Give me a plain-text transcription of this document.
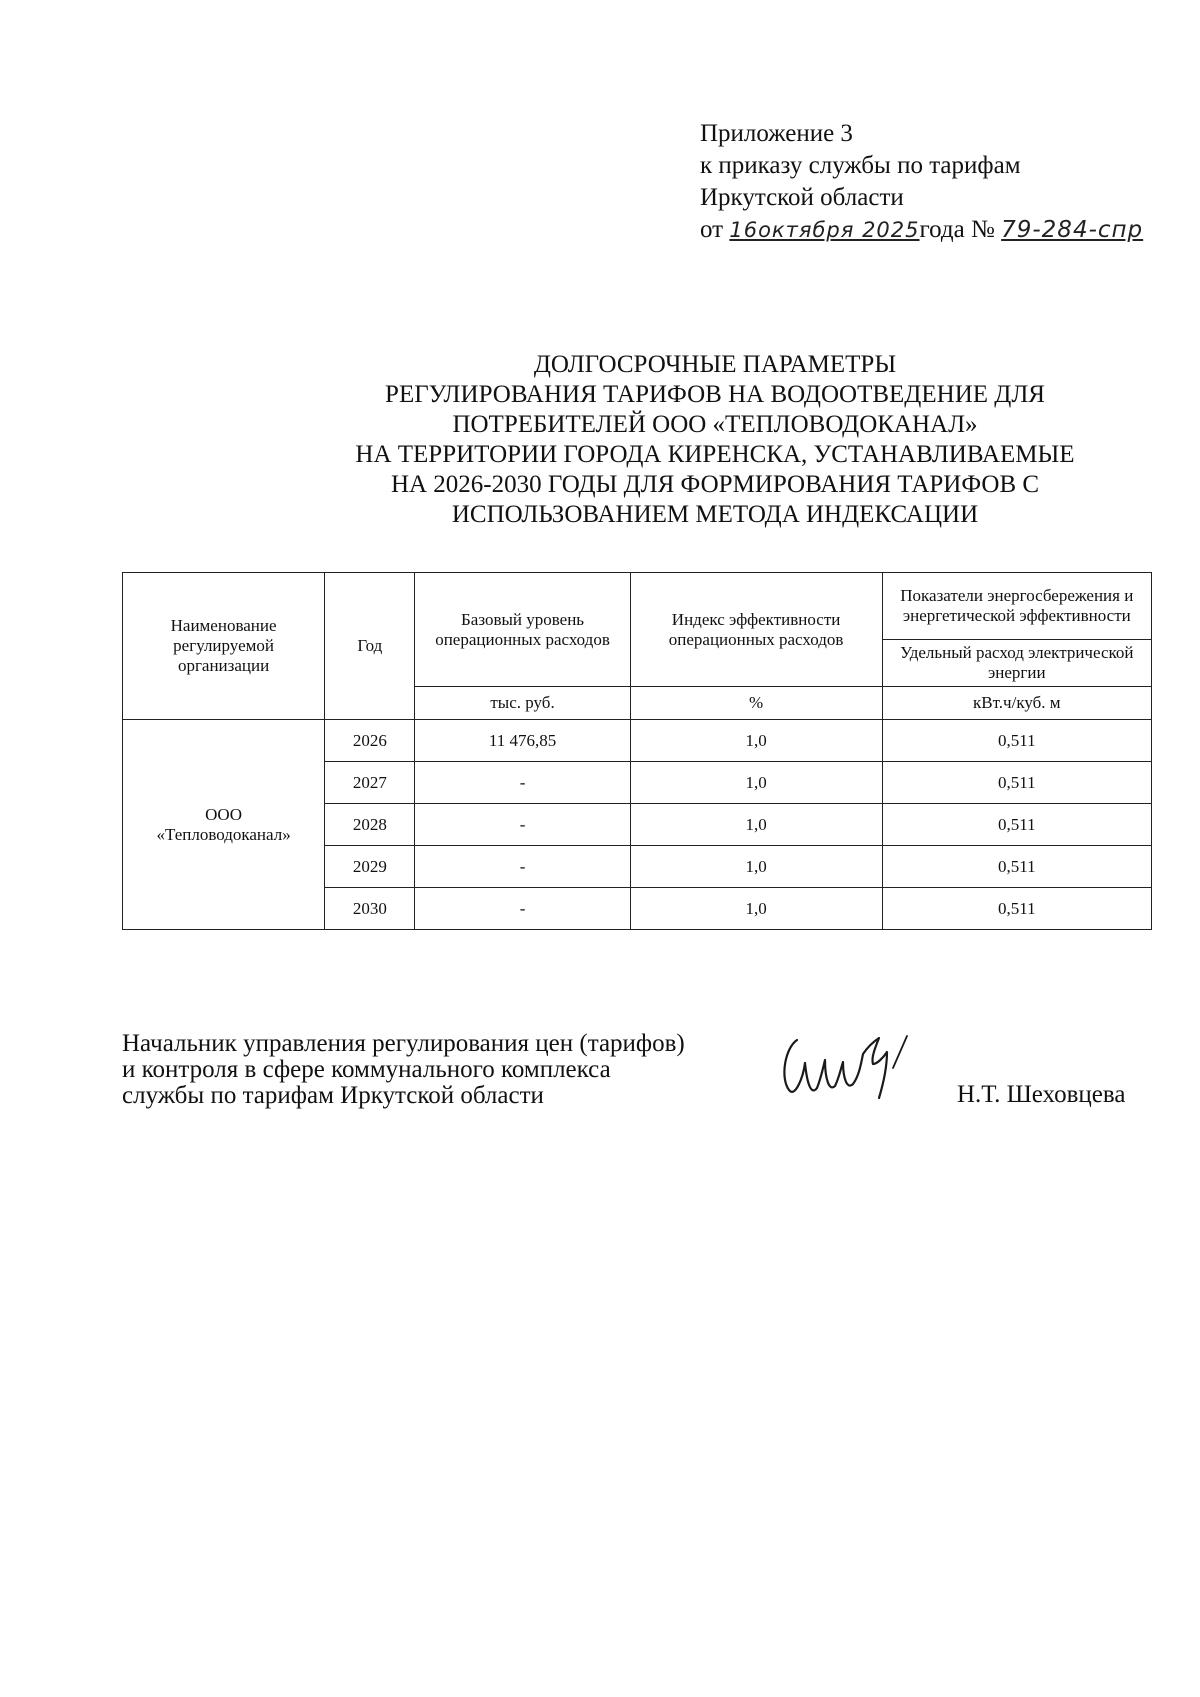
Приложение 3
к приказу службы по тарифам
Иркутской области
от 16октября 2025года № 79-284-спр
ДОЛГОСРОЧНЫЕ ПАРАМЕТРЫ
РЕГУЛИРОВАНИЯ ТАРИФОВ НА ВОДООТВЕДЕНИЕ ДЛЯ
ПОТРЕБИТЕЛЕЙ ООО «ТЕПЛОВОДОКАНАЛ»
НА ТЕРРИТОРИИ ГОРОДА КИРЕНСКА, УСТАНАВЛИВАЕМЫЕ
НА 2026-2030 ГОДЫ ДЛЯ ФОРМИРОВАНИЯ ТАРИФОВ С
ИСПОЛЬЗОВАНИЕМ МЕТОДА ИНДЕКСАЦИИ
Наименование регулируемой организации	Год	Базовый уровень операционных расходов	Индекс эффективности операционных расходов	Показатели энергосбережения и энергетической эффективности
				Удельный расход электрической энергии
		тыс. руб.	%	кВт.ч/куб. м

ООО
«Тепловодоканал»	2026	11 476,85	1,0	0,511
	2027	-	1,0	0,511
	2028	-	1,0	0,511
	2029	-	1,0	0,511
	2030	-	1,0	0,511
Начальник управления регулирования цен (тарифов)
и контроля в сфере коммунального комплекса
службы по тарифам Иркутской области	Н.Т. Шеховцева
